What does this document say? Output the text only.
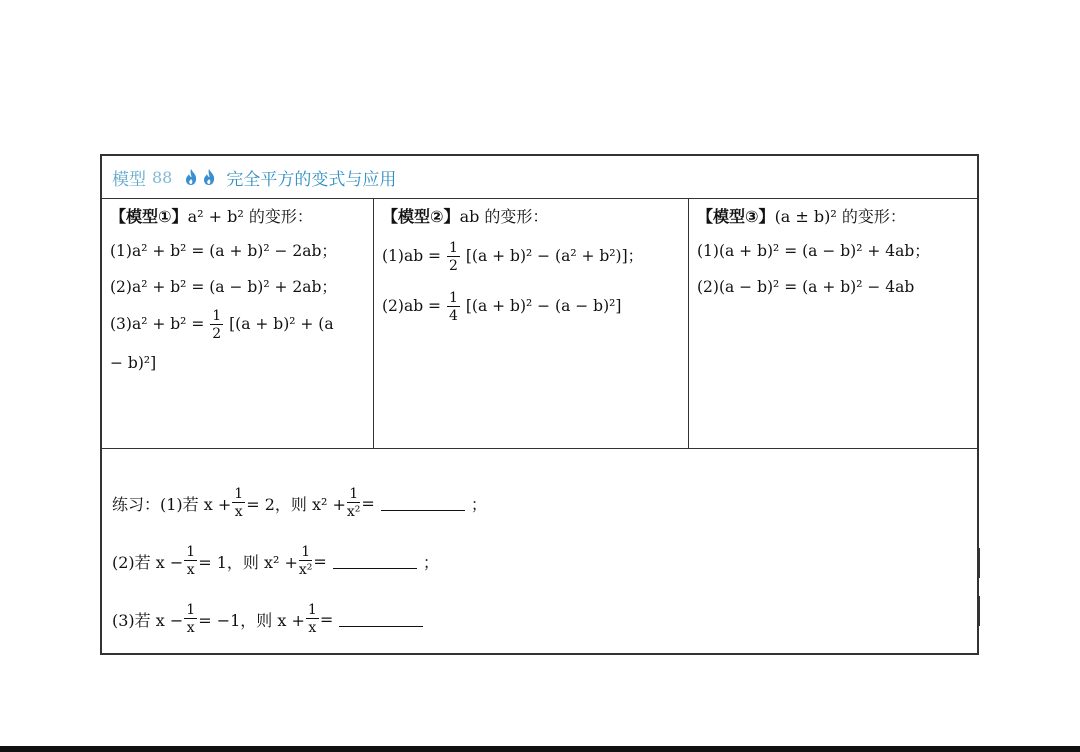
模型 88	完全平方的变式与应用
【模型①】a² + b² 的变形：
(1)a² + b² = (a + b)² − 2ab；
(2)a² + b² = (a − b)² + 2ab；
$(3)a^2 + b^2 = \frac{1}{2} [(a + b)^2 + (a$
− b)²]
【模型②】ab 的变形：
$(1)ab = \frac{1}{2} [(a + b)^2 - (a^2 + b^2)]$；
$(2)ab = \frac{1}{4} [(a + b)^2 - (a - b)^2]$
【模型③】(a ± b)² 的变形：
(1)(a + b)² = (a − b)² + 4ab；
(2)(a − b)² = (a + b)² − 4ab
练习：(1)若 $x + \frac{1}{x} = 2$，则 $x^2 + \frac{1}{\text{x²}}$ =	；
(2)若 $x - \frac{1}{x} = 1$，则 $x^2 + \frac{1}{\text{x²}}$ =	；
(3)若 $x - \frac{1}{x} = -1$，则 $x + \frac{1}{x}$ =
